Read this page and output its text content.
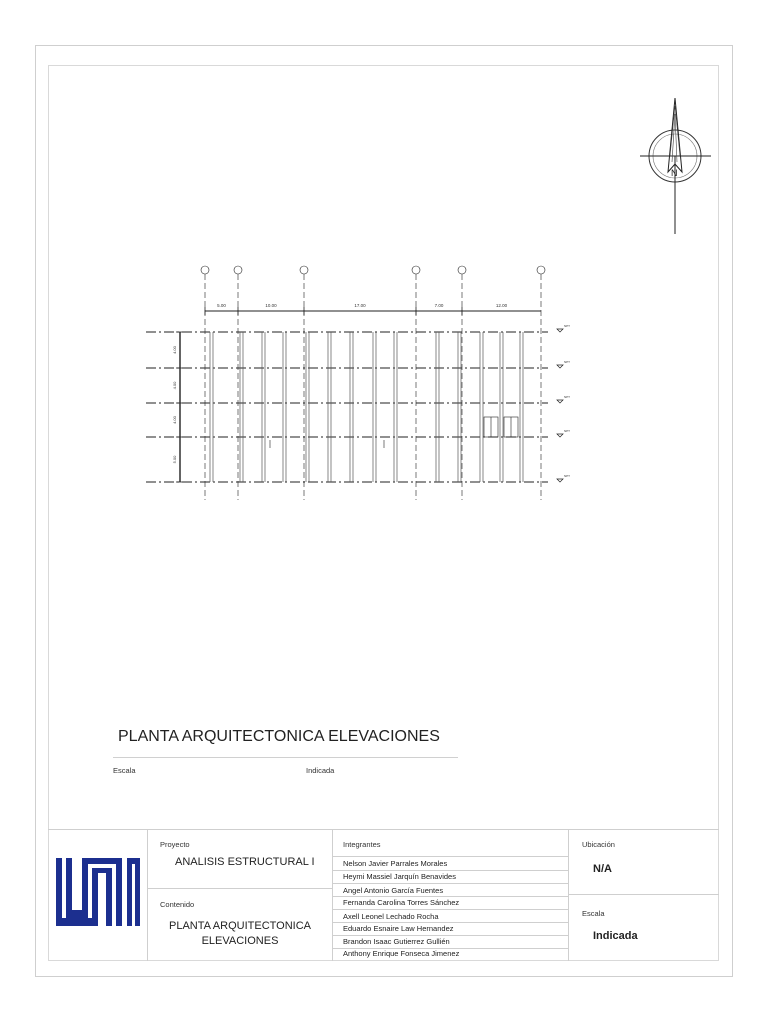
N
5.00	10.00	17.00	7.00	12.00
NPT
4.00
NPT
4.00
NPT
4.00
NPT
5.00
NPT
PLANTA ARQUITECTONICA ELEVACIONES
Escala	Indicada
Proyecto
ANALISIS ESTRUCTURAL I
Contenido
PLANTA ARQUITECTONICA
ELEVACIONES
Integrantes
Nelson Javier Parrales Morales
Heymi Massiel Jarquín Benavides
Angel Antonio García Fuentes
Fernanda Carolina Torres Sánchez
Axell Leonel Lechado Rocha
Eduardo Esnaire Law Hernandez
Brandon Isaac Gutierrez Gullién
Anthony Enrique Fonseca Jimenez
Ubicación
N/A
Escala
Indicada
